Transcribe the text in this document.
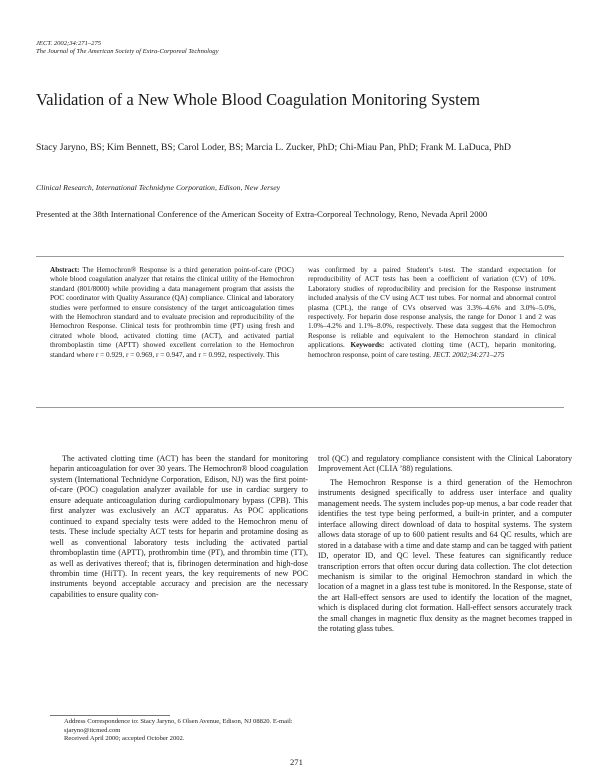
JECT. 2002;34:271–275
The Journal of The American Society of Extra-Corporeal Technology
Validation of a New Whole Blood Coagulation Monitoring System
Stacy Jaryno, BS; Kim Bennett, BS; Carol Loder, BS; Marcia L. Zucker, PhD; Chi-Miau Pan, PhD; Frank M. LaDuca, PhD
Clinical Research, International Technidyne Corporation, Edison, New Jersey
Presented at the 38th International Conference of the American Soceity of Extra-Corporeal Technology, Reno, Nevada April 2000
Abstract: The Hemochron® Response is a third generation point-of-care (POC) whole blood coagulation analyzer that retains the clinical utility of the Hemochron standard (801/8000) while providing a data management program that assists the POC coordinator with Quality Assurance (QA) compliance. Clinical and laboratory studies were performed to ensure consistency of the target anticoagulation times with the Hemochron standard and to evaluate precision and reproducibility of the Hemochron Response. Clinical tests for prothrombin time (PT) using fresh and citrated whole blood, activated clotting time (ACT), and activated partial thromboplastin time (APTT) showed excellent correlation to the Hemochron standard where r = 0.929, r = 0.969, r = 0.947, and r = 0.992, respectively. This
was confirmed by a paired Student’s t-test. The standard expectation for reproducibility of ACT tests has been a coefficient of variation (CV) of 10%. Laboratory studies of reproducibility and precision for the Response instrument included analysis of the CV using ACT test tubes. For normal and abnormal control plasma (CPL), the range of CVs observed was 3.3%–4.6% and 3.0%–5.0%, respectively. For heparin dose response analysis, the range for Donor 1 and 2 was 1.0%–4.2% and 1.1%–8.0%, respectively. These data suggest that the Hemochron Response is reliable and equivalent to the Hemochron standard in clinical applications. Keywords: activated clotting time (ACT), heparin monitoring, hemochron response, point of care testing. JECT. 2002;34:271–275

The activated clotting time (ACT) has been the standard for monitoring heparin anticoagulation for over 30 years. The Hemochron® blood coagulation system (International Technidyne Corporation, Edison, NJ) was the first point-of-care (POC) coagulation analyzer available for use in cardiac surgery to ensure adequate anticoagulation during cardiopulmonary bypass (CPB). This first analyzer was exclusively an ACT apparatus. As POC applications continued to expand specialty tests were added to the Hemochron menu of tests. These include specialty ACT tests for heparin and protamine dosing as well as conventional laboratory tests including the activated partial thromboplastin time (APTT), prothrombin time (PT), and thrombin time (TT), as well as derivatives thereof; that is, fibrinogen determination and high-dose thrombin time (HiTT). In recent years, the key requirements of new POC instruments beyond acceptable accuracy and precision are the necessary capabilities to ensure quality con-

trol (QC) and regulatory compliance consistent with the Clinical Laboratory Improvement Act (CLIA ’88) regulations.

The Hemochron Response is a third generation of the Hemochron instruments designed specifically to address user interface and quality management needs. The system includes pop-up menus, a bar code reader that identifies the test type being performed, a built-in printer, and a computer interface allowing direct download of data to hospital systems. The system allows data storage of up to 600 patient results and 64 QC results, which are stored in a database with a time and date stamp and can be tagged with patient ID, operator ID, and QC level. These features can significantly reduce transcription errors that often occur during data collection. The clot detection mechanism is similar to the original Hemochron standard in which the location of a magnet in a glass test tube is monitored. In the Response, state of the art Hall-effect sensors are used to identify the location of the magnet, which is displaced during clot formation. Hall-effect sensors accurately track the small changes in magnetic flux density as the magnet becomes trapped in the rotating glass tubes.

Address Correspondence to: Stacy Jaryno, 6 Olsen Avenue, Edison, NJ 08820. E-mail: sjaryno@itcmed.com
Received April 2000; accepted October 2002.
271
